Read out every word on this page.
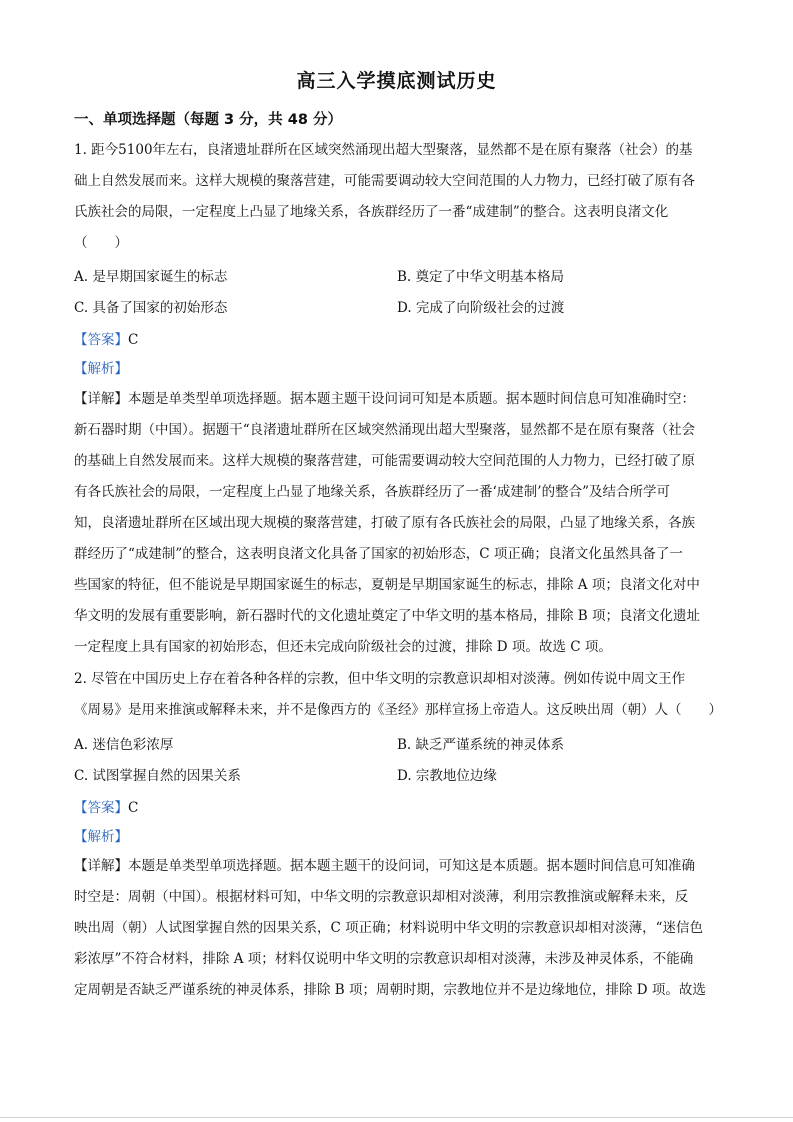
高三入学摸底测试历史
一、单项选择题（每题 3 分，共 48 分）
1. 距今5100年左右，良渚遗址群所在区域突然涌现出超大型聚落，显然都不是在原有聚落（社会）的基
础上自然发展而来。这样大规模的聚落营建，可能需要调动较大空间范围的人力物力，已经打破了原有各
氏族社会的局限，一定程度上凸显了地缘关系，各族群经历了一番“成建制”的整合。这表明良渚文化
（　　）
A. 是早期国家诞生的标志	B. 奠定了中华文明基本格局
C. 具备了国家的初始形态	D. 完成了向阶级社会的过渡
【答案】C
【解析】
【详解】本题是单类型单项选择题。据本题主题干设问词可知是本质题。据本题时间信息可知准确时空：
新石器时期（中国）。据题干“良渚遗址群所在区域突然涌现出超大型聚落，显然都不是在原有聚落（社会
的基础上自然发展而来。这样大规模的聚落营建，可能需要调动较大空间范围的人力物力，已经打破了原
有各氏族社会的局限，一定程度上凸显了地缘关系，各族群经历了一番‘成建制’的整合”及结合所学可
知，良渚遗址群所在区域出现大规模的聚落营建，打破了原有各氏族社会的局限，凸显了地缘关系，各族
群经历了“成建制”的整合，这表明良渚文化具备了国家的初始形态，C 项正确；良渚文化虽然具备了一
些国家的特征，但不能说是早期国家诞生的标志，夏朝是早期国家诞生的标志，排除 A 项；良渚文化对中
华文明的发展有重要影响，新石器时代的文化遗址奠定了中华文明的基本格局，排除 B 项；良渚文化遗址
一定程度上具有国家的初始形态，但还未完成向阶级社会的过渡，排除 D 项。故选 C 项。
2. 尽管在中国历史上存在着各种各样的宗教，但中华文明的宗教意识却相对淡薄。例如传说中周文王作
《周易》是用来推演或解释未来，并不是像西方的《圣经》那样宣扬上帝造人。这反映出周（朝）人（　　）
A. 迷信色彩浓厚	B. 缺乏严谨系统的神灵体系
C. 试图掌握自然的因果关系	D. 宗教地位边缘
【答案】C
【解析】
【详解】本题是单类型单项选择题。据本题主题干的设问词，可知这是本质题。据本题时间信息可知准确
时空是：周朝（中国）。根据材料可知，中华文明的宗教意识却相对淡薄，利用宗教推演或解释未来，反
映出周（朝）人试图掌握自然的因果关系，C 项正确；材料说明中华文明的宗教意识却相对淡薄，“迷信色
彩浓厚”不符合材料，排除 A 项；材料仅说明中华文明的宗教意识却相对淡薄，未涉及神灵体系，不能确
定周朝是否缺乏严谨系统的神灵体系，排除 B 项；周朝时期，宗教地位并不是边缘地位，排除 D 项。故选
